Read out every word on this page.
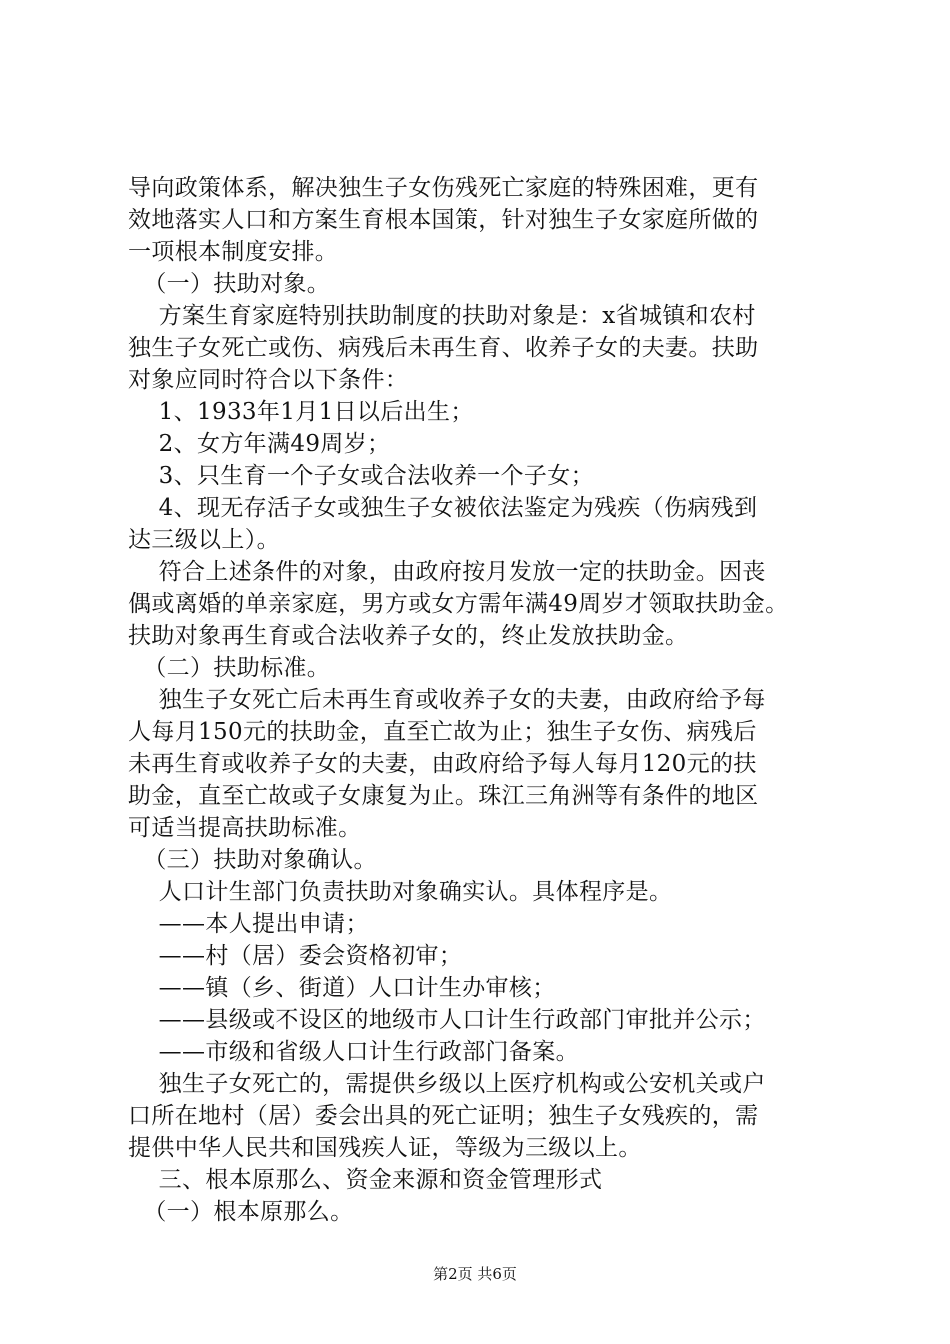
导向政策体系，解决独生子女伤残死亡家庭的特殊困难，更有
效地落实人口和方案生育根本国策，针对独生子女家庭所做的
一项根本制度安排。
（一）扶助对象。
方案生育家庭特别扶助制度的扶助对象是：x省城镇和农村
独生子女死亡或伤、病残后未再生育、收养子女的夫妻。扶助
对象应同时符合以下条件：
1、1933年1月1日以后出生；
2、女方年满49周岁；
3、只生育一个子女或合法收养一个子女；
4、现无存活子女或独生子女被依法鉴定为残疾（伤病残到
达三级以上）。
符合上述条件的对象，由政府按月发放一定的扶助金。因丧
偶或离婚的单亲家庭，男方或女方需年满49周岁才领取扶助金。
扶助对象再生育或合法收养子女的，终止发放扶助金。
（二）扶助标准。
独生子女死亡后未再生育或收养子女的夫妻，由政府给予每
人每月150元的扶助金，直至亡故为止；独生子女伤、病残后
未再生育或收养子女的夫妻，由政府给予每人每月120元的扶
助金，直至亡故或子女康复为止。珠江三角洲等有条件的地区
可适当提高扶助标准。
（三）扶助对象确认。
人口计生部门负责扶助对象确实认。具体程序是。
——本人提出申请；
——村（居）委会资格初审；
——镇（乡、街道）人口计生办审核；
——县级或不设区的地级市人口计生行政部门审批并公示；
——市级和省级人口计生行政部门备案。
独生子女死亡的，需提供乡级以上医疗机构或公安机关或户
口所在地村（居）委会出具的死亡证明；独生子女残疾的，需
提供中华人民共和国残疾人证，等级为三级以上。
三、根本原那么、资金来源和资金管理形式
（一）根本原那么。
第2页 共6页
